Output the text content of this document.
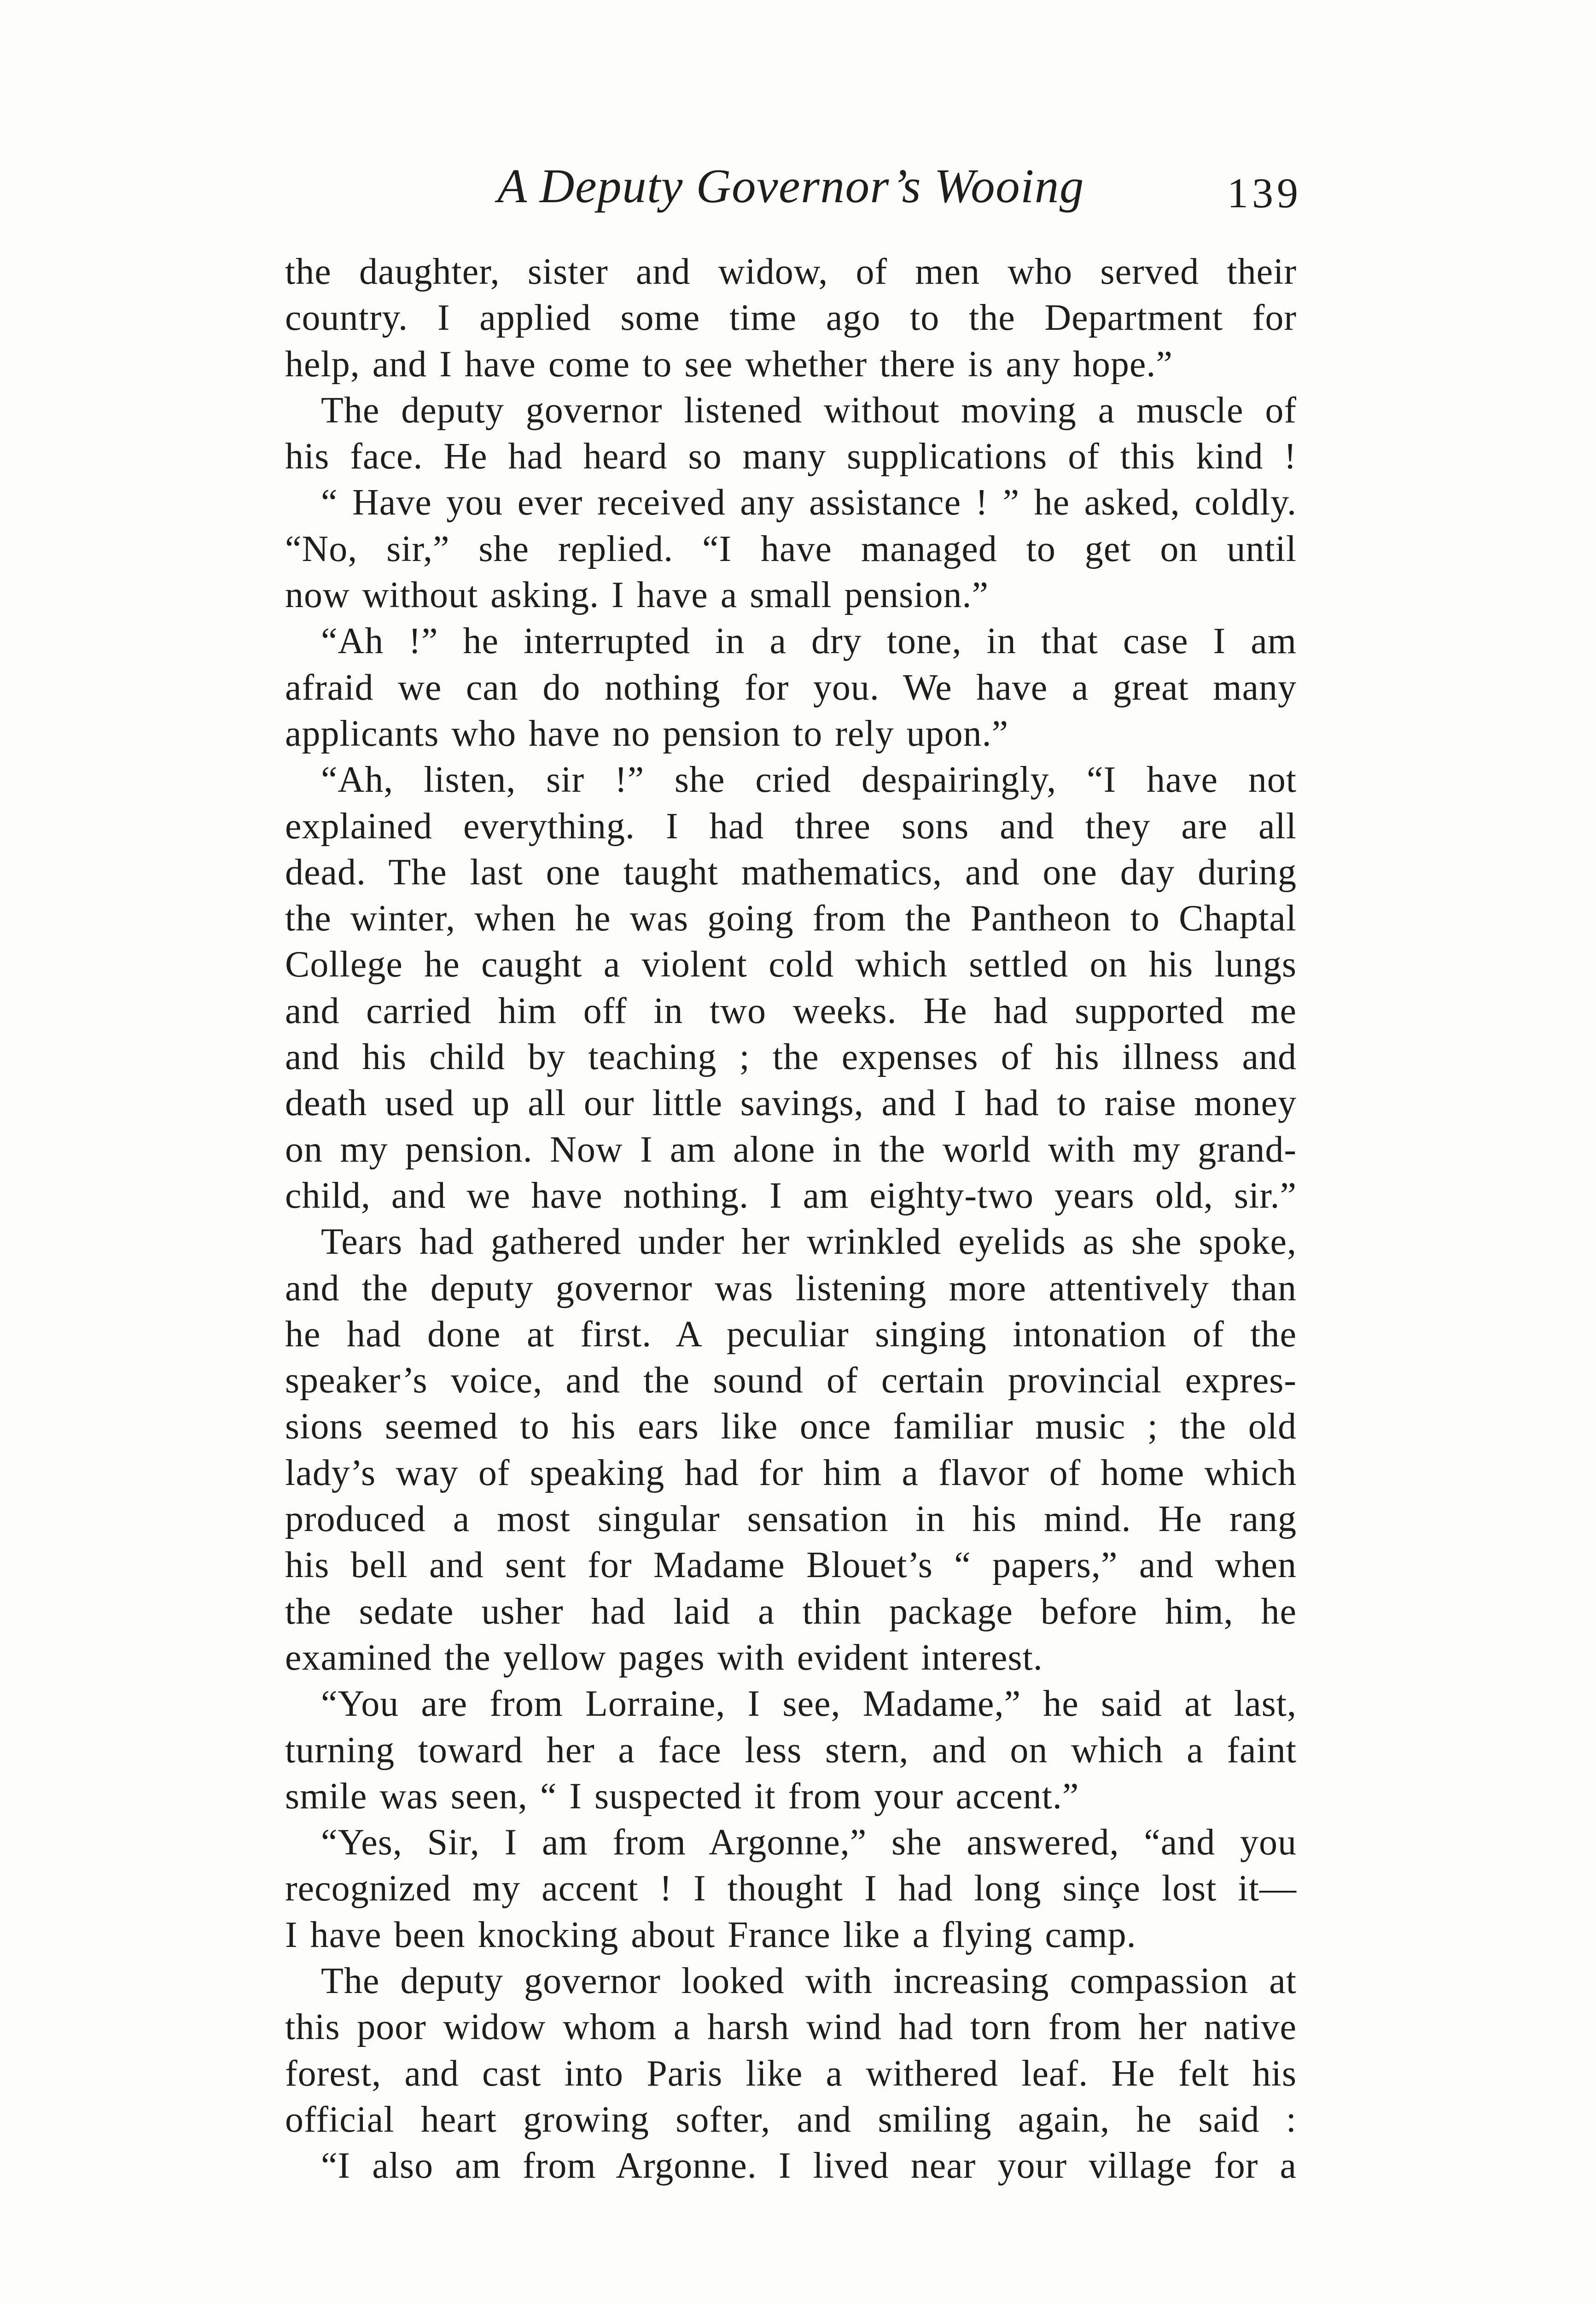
A Deputy Governor’s Wooing	139
the daughter, sister and widow, of men who served their
country. I applied some time ago to the Department for
help, and I have come to see whether there is any hope.”
The deputy governor listened without moving a muscle of
his face. He had heard so many supplications of this kind !
“ Have you ever received any assistance ! ” he asked, coldly.
“No, sir,” she replied. “I have managed to get on until
now without asking. I have a small pension.”
“Ah !” he interrupted in a dry tone, in that case I am
afraid we can do nothing for you. We have a great many
applicants who have no pension to rely upon.”
“Ah, listen, sir !” she cried despairingly, “I have not
explained everything. I had three sons and they are all
dead. The last one taught mathematics, and one day during
the winter, when he was going from the Pantheon to Chaptal
College he caught a violent cold which settled on his lungs
and carried him off in two weeks. He had supported me
and his child by teaching ; the expenses of his illness and
death used up all our little savings, and I had to raise money
on my pension. Now I am alone in the world with my grand-
child, and we have nothing. I am eighty-two years old, sir.”
Tears had gathered under her wrinkled eyelids as she spoke,
and the deputy governor was listening more attentively than
he had done at first. A peculiar singing intonation of the
speaker’s voice, and the sound of certain provincial expres-
sions seemed to his ears like once familiar music ; the old
lady’s way of speaking had for him a flavor of home which
produced a most singular sensation in his mind. He rang
his bell and sent for Madame Blouet’s “ papers,” and when
the sedate usher had laid a thin package before him, he
examined the yellow pages with evident interest.
“You are from Lorraine, I see, Madame,” he said at last,
turning toward her a face less stern, and on which a faint
smile was seen, “ I suspected it from your accent.”
“Yes, Sir, I am from Argonne,” she answered, “and you
recognized my accent ! I thought I had long sinçe lost it—
I have been knocking about France like a flying camp.
The deputy governor looked with increasing compassion at
this poor widow whom a harsh wind had torn from her native
forest, and cast into Paris like a withered leaf. He felt his
official heart growing softer, and smiling again, he said :
“I also am from Argonne. I lived near your village for a
